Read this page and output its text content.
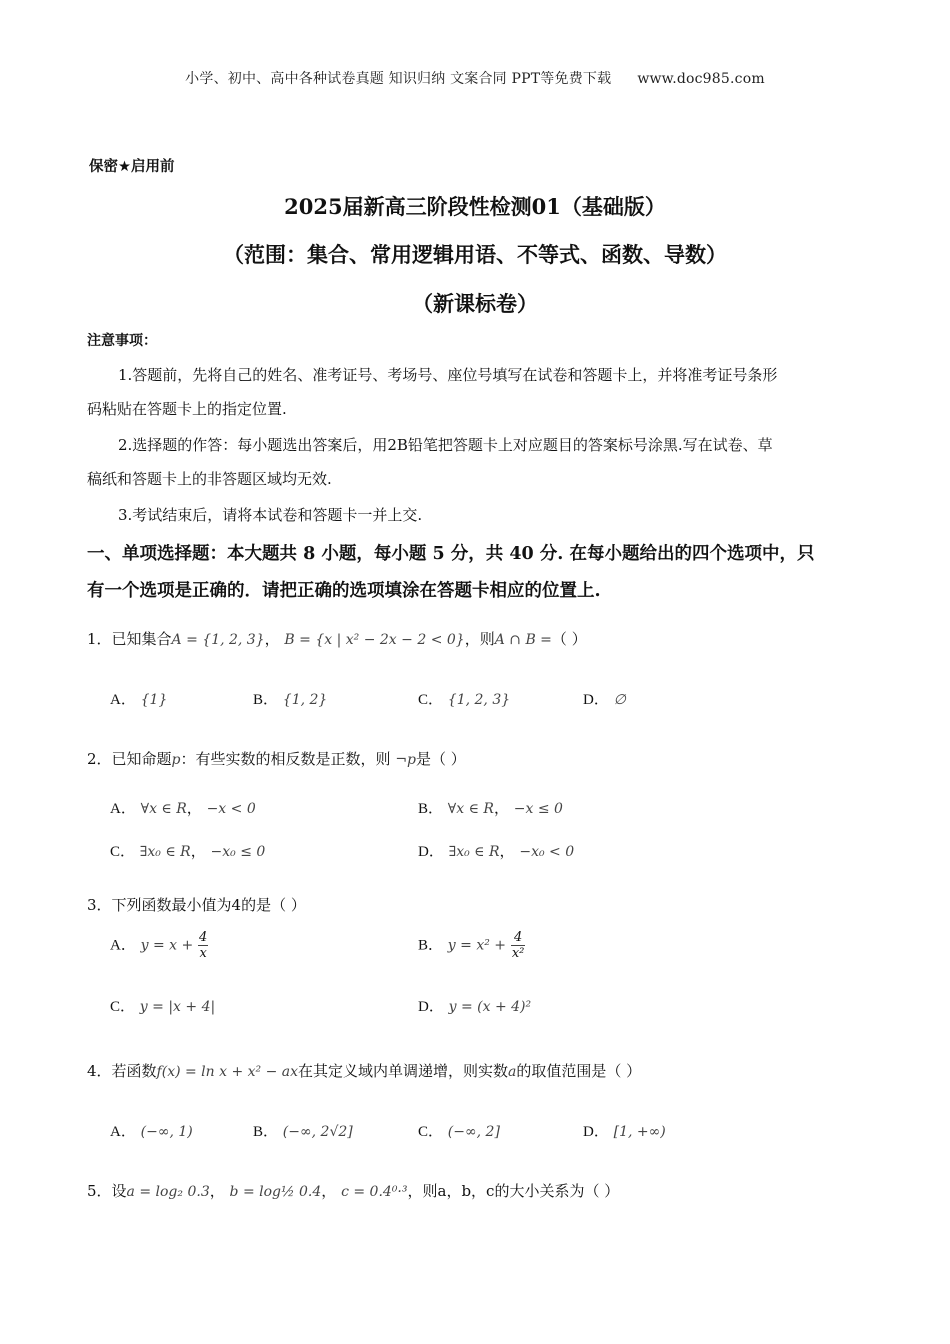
小学、初中、高中各种试卷真题 知识归纳 文案合同 PPT等免费下载 www.doc985.com
保密★启用前
2025届新高三阶段性检测01（基础版）
（范围：集合、常用逻辑用语、不等式、函数、导数）
（新课标卷）
注意事项：
1.答题前，先将自己的姓名、准考证号、考场号、座位号填写在试卷和答题卡上，并将准考证号条形
码粘贴在答题卡上的指定位置.
2.选择题的作答：每小题选出答案后，用2B铅笔把答题卡上对应题目的答案标号涂黑.写在试卷、草
稿纸和答题卡上的非答题区域均无效.
3.考试结束后，请将本试卷和答题卡一并上交.
一、单项选择题：本大题共 8 小题，每小题 5 分，共 40 分. 在每小题给出的四个选项中，只
有一个选项是正确的．请把正确的选项填涂在答题卡相应的位置上.
1．已知集合A = {1, 2, 3}， B = {x | x² − 2x − 2 < 0}，则A ∩ B =（ ）
A． {1}	B． {1, 2}	C． {1, 2, 3}	D． ∅
2．已知命题p：有些实数的相反数是正数，则 ¬p是（ ）
A． ∀x ∈ R， −x < 0	B． ∀x ∈ R， −x ≤ 0
C． ∃x₀ ∈ R， −x₀ ≤ 0	D． ∃x₀ ∈ R， −x₀ < 0
3．下列函数最小值为4的是（ ）
A． $y = x + \frac{4}{x}$	B． $y = x^2 + \frac{4}{\text{x²}}$
C． y = |x + 4|	D． y = (x + 4)²
4．若函数f(x) = ln x + x² − ax在其定义域内单调递增，则实数a的取值范围是（ ）
A． (−∞, 1)	B． (−∞, 2√2]	C． (−∞, 2]	D． [1, +∞)
5．设a = log₂ 0.3， b = log½ 0.4， c = 0.4⁰·³，则a，b，c的大小关系为（ ）
